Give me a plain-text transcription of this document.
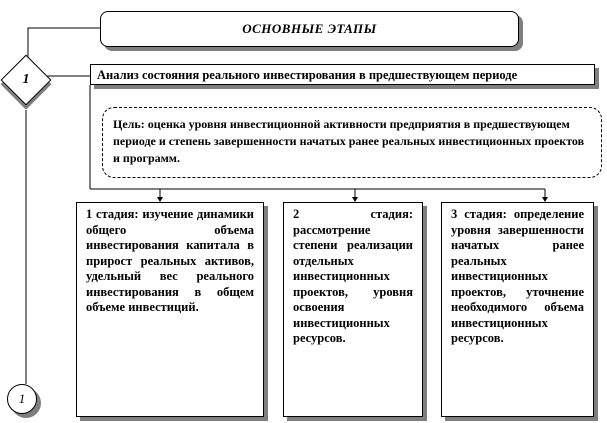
ОСНОВНЫЕ ЭТАПЫ
1	Анализ состояния реального инвестирования в предшествующем периоде
Цель: оценка уровня инвестиционной активности предприятия в предшествующем периоде и степень завершенности начатых ранее реальных инвестиционных проектов и программ.
1 стадия: изучение динамики общего объема инвестирования капитала в прирост реальных активов, удельный вес реального инвестирования в общем объеме инвестиций.
2 стадия: рассмотрение степени реализации отдельных инвестиционных проектов, уровня освоения инвестиционных ресурсов.
3 стадия: определение уровня завершенности начатых ранее реальных инвестиционных проектов, уточнение необходимого объема инвестиционных ресурсов.
1
